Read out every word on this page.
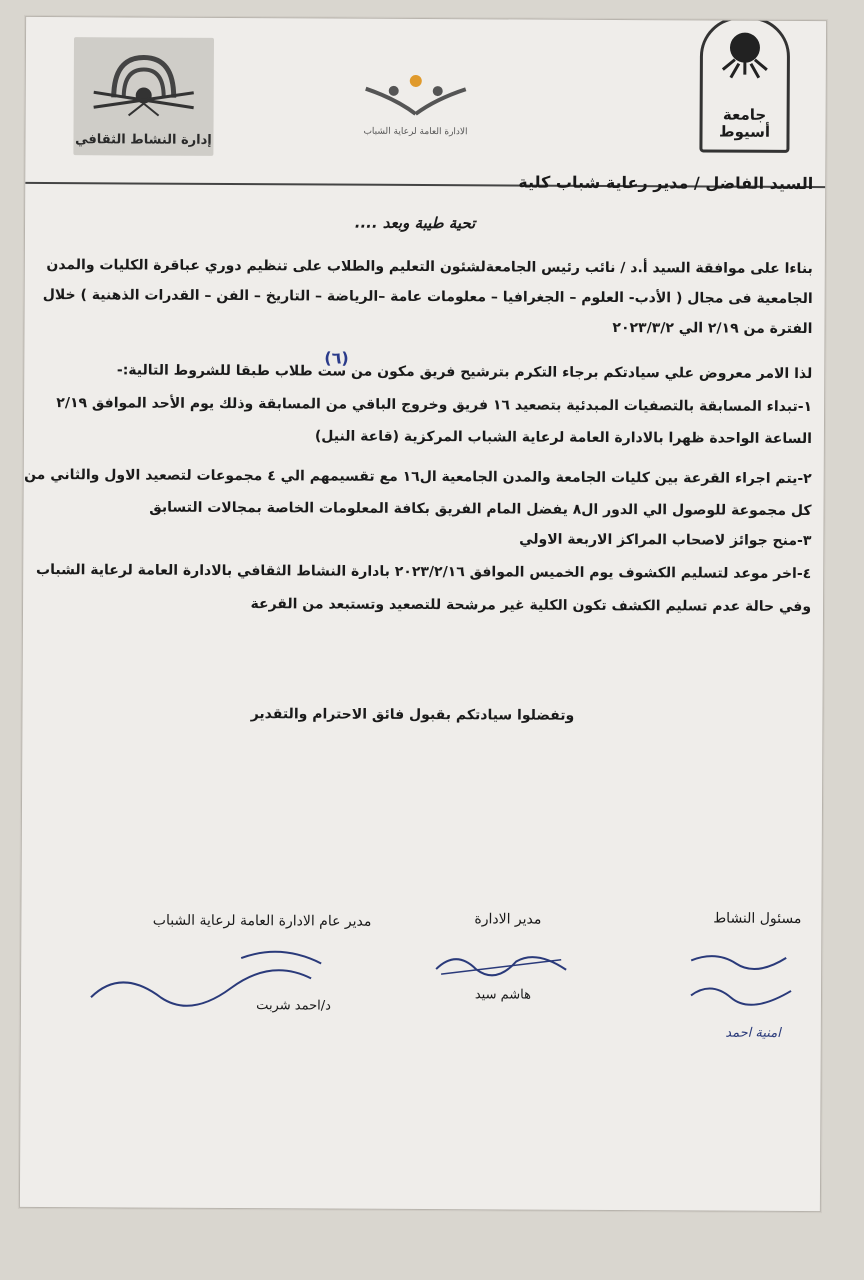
إدارة النشاط الثقافي
الادارة العامة لرعاية الشباب
جامعة
أسيوط
السيد الفاضل / مدير رعاية شباب كلية
تحية طيبة وبعد ....
بناءا على موافقة السيد أ.د / نائب رئيس الجامعةلشئون التعليم والطلاب على تنظيم دوري عباقرة الكليات والمدن
الجامعية فى مجال ( الأدب- العلوم – الجغرافيا – معلومات عامة –الرياضة – التاريخ – الفن – القدرات الذهنية ) خلال
الفترة من ٢/١٩ الي ٢٠٢٣/٣/٢
لذا الامر معروض علي سيادتكم برجاء التكرم بترشيح فريق مكون من ست طلاب طبقا للشروط التالية:-
(٦)
١-تبداء المسابقة بالتصفيات المبدئية بتصعيد ١٦ فريق وخروج الباقي من المسابقة وذلك يوم الأحد الموافق ٢/١٩
الساعة الواحدة ظهرا بالادارة العامة لرعاية الشباب المركزية (قاعة النيل)
٢-يتم اجراء القرعة بين كليات الجامعة والمدن الجامعية ال١٦ مع تقسيمهم الي ٤ مجموعات لتصعيد الاول والثاني من
كل مجموعة للوصول الي الدور ال٨ يفضل المام الفريق بكافة المعلومات الخاصة بمجالات التسابق
٣-منح جوائز لاصحاب المراكز الاربعة الاولي
٤-اخر موعد لتسليم الكشوف يوم الخميس الموافق ٢٠٢٣/٢/١٦ بادارة النشاط الثقافي بالادارة العامة لرعاية الشباب
وفي حالة عدم تسليم الكشف تكون الكلية غير مرشحة للتصعيد وتستبعد من القرعة
وتفضلوا سيادتكم بقبول فائق الاحترام والتقدير
مسئول النشاط
امنية احمد
مدير الادارة
هاشم سيد
مدير عام الادارة العامة لرعاية الشباب
د/احمد شربت
